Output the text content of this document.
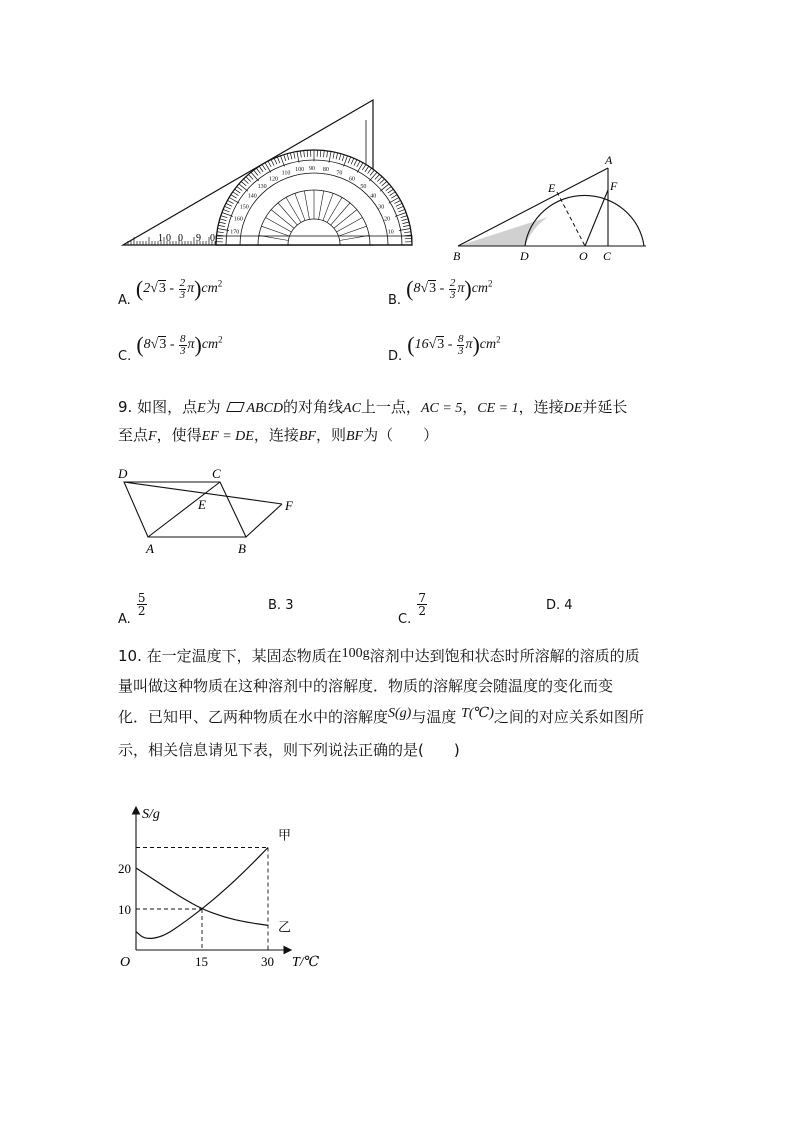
1 0 0 9 0
10
20
30
40
50
60
70
80
90
100
110
120
130
140
150
160
170
A
E	F
B	D	O C
A. $(2√3 - \frac{2}{3} \pi)cm^2$
B. $(8√3 - \frac{2}{3} \pi)cm^2$
C. $(8√3 - \frac{8}{3} \pi)cm^2$
D. $(16√3 - \frac{8}{3} \pi)cm^2$
9. 如图，点E为 ABCD的对角线AC上一点，AC = 5，CE = 1，连接DE并延长
至点F，使得EF = DE，连接BF，则BF为（　　）
D	C
E	F
A	B
$_{A.}$
$\frac{5}{2}$	B. 3
$_{C.}$
$\frac{7}{2}$	D. 4
10. 在一定温度下，某固态物质在100g溶剂中达到饱和状态时所溶解的溶质的质
量叫做这种物质在这种溶剂中的溶解度．物质的溶解度会随温度的变化而变
化．已知甲、乙两种物质在水中的溶解度S(g)与温度 T(℃)之间的对应关系如图所
示，相关信息请见下表，则下列说法正确的是(　　)
甲
乙
10
20
15	30
O
S/g
T/℃
